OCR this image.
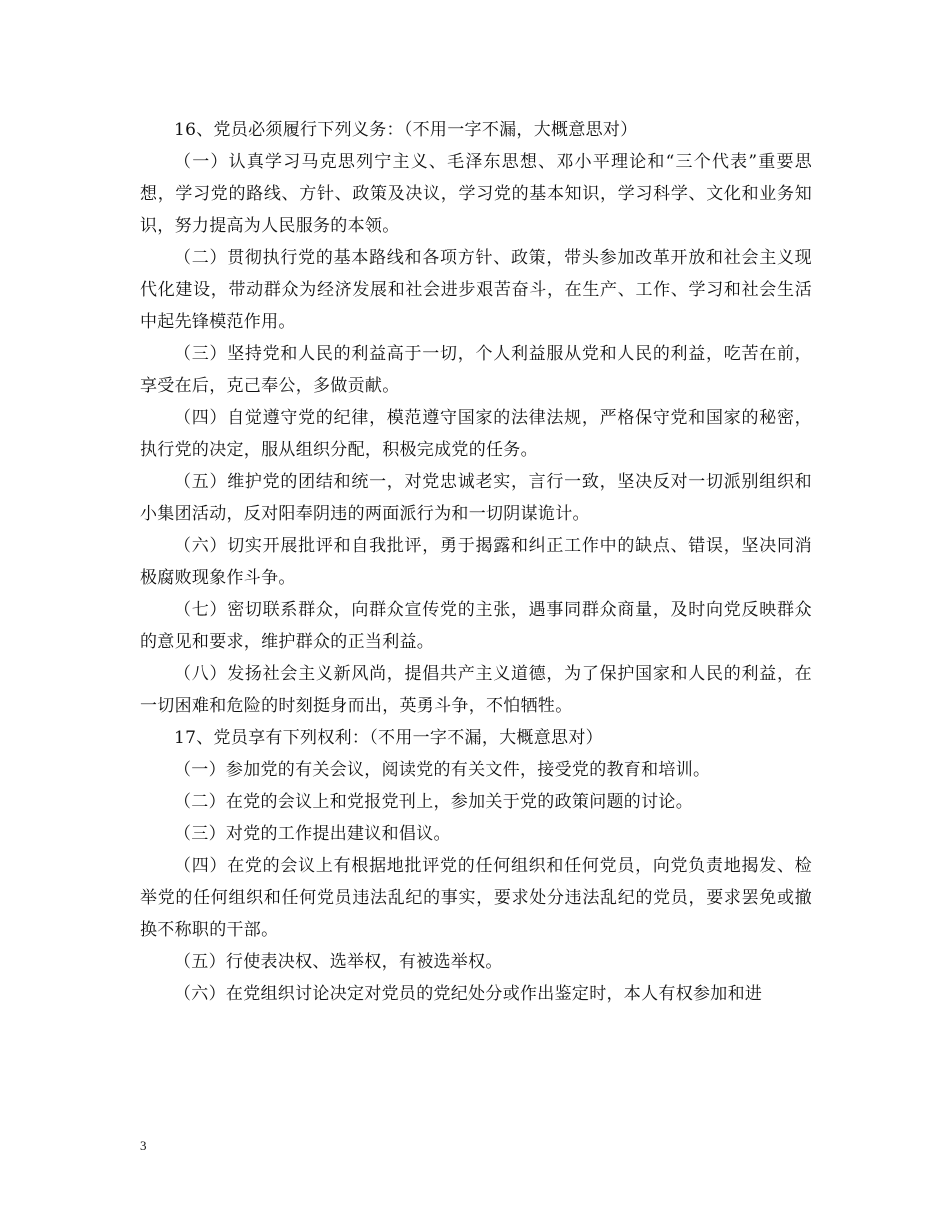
16、党员必须履行下列义务：（不用一字不漏，大概意思对）

（一）认真学习马克思列宁主义、毛泽东思想、邓小平理论和“三个代表”重要思想，学习党的路线、方针、政策及决议，学习党的基本知识，学习科学、文化和业务知识，努力提高为人民服务的本领。

（二）贯彻执行党的基本路线和各项方针、政策，带头参加改革开放和社会主义现代化建设，带动群众为经济发展和社会进步艰苦奋斗，在生产、工作、学习和社会生活中起先锋模范作用。

（三）坚持党和人民的利益高于一切，个人利益服从党和人民的利益，吃苦在前，享受在后，克己奉公，多做贡献。

（四）自觉遵守党的纪律，模范遵守国家的法律法规，严格保守党和国家的秘密，执行党的决定，服从组织分配，积极完成党的任务。

（五）维护党的团结和统一，对党忠诚老实，言行一致，坚决反对一切派别组织和小集团活动，反对阳奉阴违的两面派行为和一切阴谋诡计。

（六）切实开展批评和自我批评，勇于揭露和纠正工作中的缺点、错误，坚决同消极腐败现象作斗争。

（七）密切联系群众，向群众宣传党的主张，遇事同群众商量，及时向党反映群众的意见和要求，维护群众的正当利益。

（八）发扬社会主义新风尚，提倡共产主义道德，为了保护国家和人民的利益，在一切困难和危险的时刻挺身而出，英勇斗争，不怕牺牲。

17、党员享有下列权利：（不用一字不漏，大概意思对）

（一）参加党的有关会议，阅读党的有关文件，接受党的教育和培训。

（二）在党的会议上和党报党刊上，参加关于党的政策问题的讨论。

（三）对党的工作提出建议和倡议。

（四）在党的会议上有根据地批评党的任何组织和任何党员，向党负责地揭发、检举党的任何组织和任何党员违法乱纪的事实，要求处分违法乱纪的党员，要求罢免或撤换不称职的干部。

（五）行使表决权、选举权，有被选举权。

（六）在党组织讨论决定对党员的党纪处分或作出鉴定时，本人有权参加和进

3
